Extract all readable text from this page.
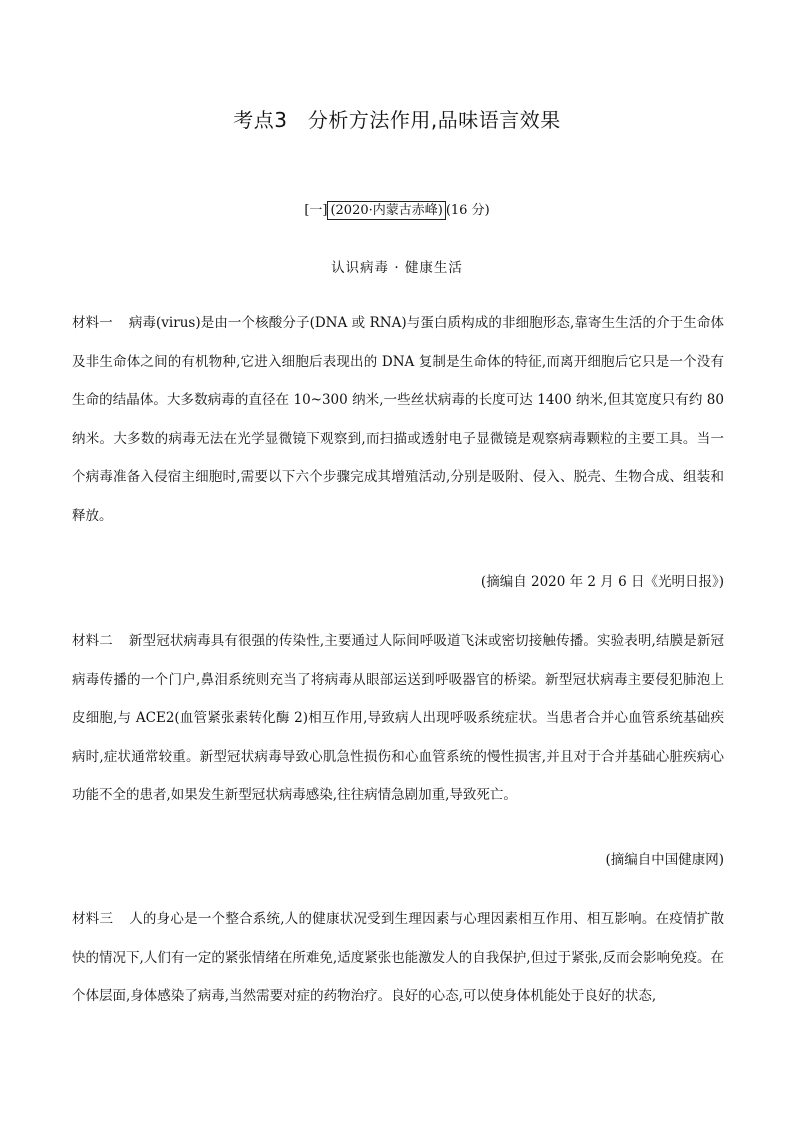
考点3　分析方法作用,品味语言效果
[一] (2020·内蒙古赤峰) (16 分)
认识病毒 · 健康生活

材料一 病毒(virus)是由一个核酸分子(DNA 或 RNA)与蛋白质构成的非细胞形态,靠寄生生活的介于生命体及非生命体之间的有机物种,它进入细胞后表现出的 DNA 复制是生命体的特征,而离开细胞后它只是一个没有生命的结晶体。大多数病毒的直径在 10~300 纳米,一些丝状病毒的长度可达 1400 纳米,但其宽度只有约 80 纳米。大多数的病毒无法在光学显微镜下观察到,而扫描或透射电子显微镜是观察病毒颗粒的主要工具。当一个病毒准备入侵宿主细胞时,需要以下六个步骤完成其增殖活动,分别是吸附、侵入、脱壳、生物合成、组装和释放。

(摘编自 2020 年 2 月 6 日《光明日报》)

材料二 新型冠状病毒具有很强的传染性,主要通过人际间呼吸道飞沫或密切接触传播。实验表明,结膜是新冠病毒传播的一个门户,鼻泪系统则充当了将病毒从眼部运送到呼吸器官的桥梁。新型冠状病毒主要侵犯肺泡上皮细胞,与 ACE2(血管紧张素转化酶 2)相互作用,导致病人出现呼吸系统症状。当患者合并心血管系统基础疾病时,症状通常较重。新型冠状病毒导致心肌急性损伤和心血管系统的慢性损害,并且对于合并基础心脏疾病心功能不全的患者,如果发生新型冠状病毒感染,往往病情急剧加重,导致死亡。

(摘编自中国健康网)

材料三 人的身心是一个整合系统,人的健康状况受到生理因素与心理因素相互作用、相互影响。在疫情扩散快的情况下,人们有一定的紧张情绪在所难免,适度紧张也能激发人的自我保护,但过于紧张,反而会影响免疫。在个体层面,身体感染了病毒,当然需要对症的药物治疗。良好的心态,可以使身体机能处于良好的状态,
